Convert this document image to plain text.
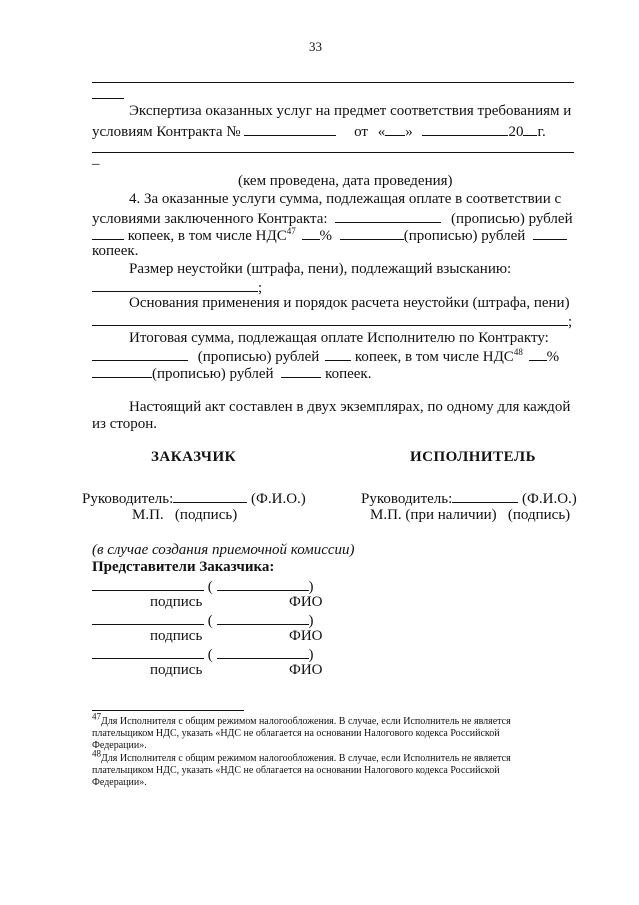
33
Экспертиза оказанных услуг на предмет соответствия требованиям и
условиям Контракта №	от « »	20 г.
–
(кем проведена, дата проведения)
4. За оказанные услуги сумма, подлежащая оплате в соответствии с
условиями заключенного Контракта:	(прописью) рублей
копеек, в том числе НДС$^{47}$ %	(прописью) рублей
копеек.
Размер неустойки (штрафа, пени), подлежащий взысканию:
;
Основания применения и порядок расчета неустойки (штрафа, пени)
;
Итоговая сумма, подлежащая оплате Исполнителю по Контракту:
(прописью) рублей копеек, в том числе НДС$^{48}$ %
(прописью) рублей	копеек.
Настоящий акт составлен в двух экземплярах, по одному для каждой
из сторон.
ЗАКАЗЧИК	ИСПОЛНИТЕЛЬ
Руководитель:	(Ф.И.О.)	Руководитель:	(Ф.И.О.)
М.П.   (подпись)	М.П. (при наличии)   (подпись)
(в случае создания приемочной комиссии)
Представители Заказчика:
(	)
подпись	ФИО
(	)
подпись	ФИО
(	)
подпись	ФИО
$^{47}$Для Исполнителя с общим режимом налогообложения. В случае, если Исполнитель не является
плательщиком НДС, указать «НДС не облагается на основании Налогового кодекса Российской
Федерации».
$^{48}$Для Исполнителя с общим режимом налогообложения. В случае, если Исполнитель не является
плательщиком НДС, указать «НДС не облагается на основании Налогового кодекса Российской
Федерации».
